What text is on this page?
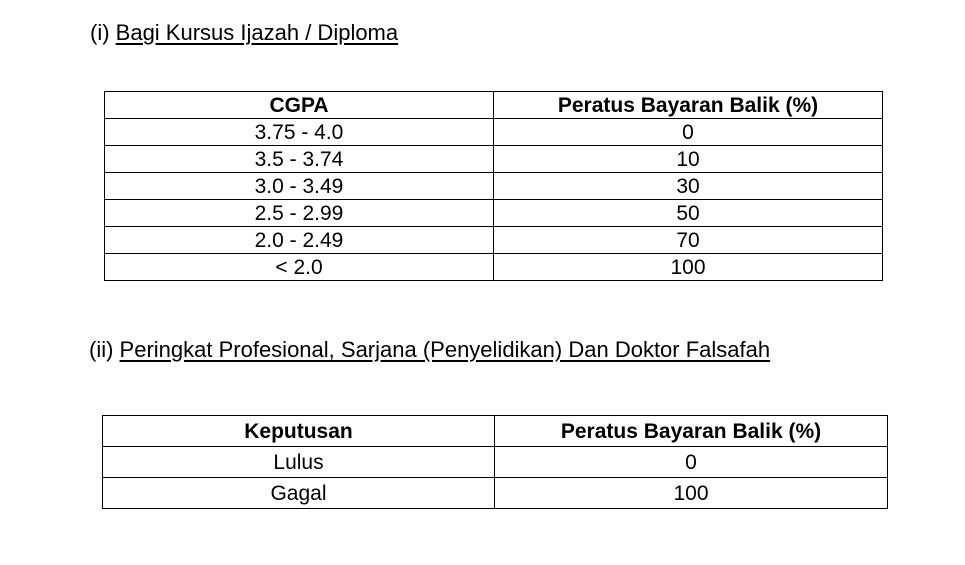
(i) Bagi Kursus Ijazah / Diploma
CGPA	Peratus Bayaran Balik (%)
3.75 - 4.0	0
3.5 - 3.74	10
3.0 - 3.49	30
2.5 - 2.99	50
2.0 - 2.49	70
< 2.0	100
(ii) Peringkat Profesional, Sarjana (Penyelidikan) Dan Doktor Falsafah
Keputusan	Peratus Bayaran Balik (%)
Lulus	0
Gagal	100
